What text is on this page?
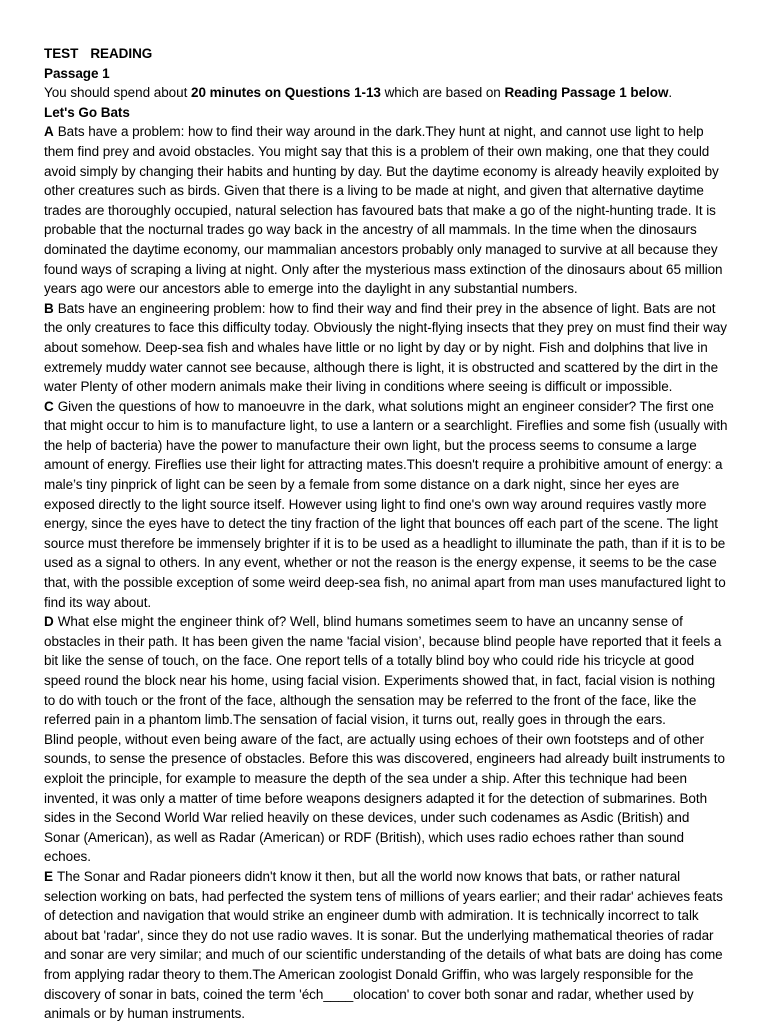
TEST READING

Passage 1

You should spend about 20 minutes on Questions 1-13 which are based on Reading Passage 1 below.

Let's Go Bats

A Bats have a problem: how to find their way around in the dark.They hunt at night, and cannot use light to help them find prey and avoid obstacles. You might say that this is a problem of their own making, one that they could avoid simply by changing their habits and hunting by day. But the daytime economy is already heavily exploited by other creatures such as birds. Given that there is a living to be made at night, and given that alternative daytime trades are thoroughly occupied, natural selection has favoured bats that make a go of the night-hunting trade. It is probable that the nocturnal trades go way back in the ancestry of all mammals. In the time when the dinosaurs dominated the daytime economy, our mammalian ancestors probably only managed to survive at all because they found ways of scraping a living at night. Only after the mysterious mass extinction of the dinosaurs about 65 million years ago were our ancestors able to emerge into the daylight in any substantial numbers.

B Bats have an engineering problem: how to find their way and find their prey in the absence of light. Bats are not the only creatures to face this difficulty today. Obviously the night-flying insects that they prey on must find their way about somehow. Deep-sea fish and whales have little or no light by day or by night. Fish and dolphins that live in extremely muddy water cannot see because, although there is light, it is obstructed and scattered by the dirt in the water Plenty of other modern animals make their living in conditions where seeing is difficult or impossible.

C Given the questions of how to manoeuvre in the dark, what solutions might an engineer consider? The first one that might occur to him is to manufacture light, to use a lantern or a searchlight. Fireflies and some fish (usually with the help of bacteria) have the power to manufacture their own light, but the process seems to consume a large amount of energy. Fireflies use their light for attracting mates.This doesn't require a prohibitive amount of energy: a male’s tiny pinprick of light can be seen by a female from some distance on a dark night, since her eyes are exposed directly to the light source itself. However using light to find one's own way around requires vastly more energy, since the eyes have to detect the tiny fraction of the light that bounces off each part of the scene. The light source must therefore be immensely brighter if it is to be used as a headlight to illuminate the path, than if it is to be used as a signal to others. In any event, whether or not the reason is the energy expense, it seems to be the case that, with the possible exception of some weird deep-sea fish, no animal apart from man uses manufactured light to find its way about.

D What else might the engineer think of? Well, blind humans sometimes seem to have an uncanny sense of obstacles in their path. It has been given the name 'facial vision’, because blind people have reported that it feels a bit like the sense of touch, on the face. One report tells of a totally blind boy who could ride his tricycle at good speed round the block near his home, using facial vision. Experiments showed that, in fact, facial vision is nothing to do with touch or the front of the face, although the sensation may be referred to the front of the face, like the referred pain in a phantom limb.The sensation of facial vision, it turns out, really goes in through the ears.

Blind people, without even being aware of the fact, are actually using echoes of their own footsteps and of other sounds, to sense the presence of obstacles. Before this was discovered, engineers had already built instruments to exploit the principle, for example to measure the depth of the sea under a ship. After this technique had been invented, it was only a matter of time before weapons designers adapted it for the detection of submarines. Both sides in the Second World War relied heavily on these devices, under such codenames as Asdic (British) and Sonar (American), as well as Radar (American) or RDF (British), which uses radio echoes rather than sound echoes.

E The Sonar and Radar pioneers didn't know it then, but all the world now knows that bats, or rather natural selection working on bats, had perfected the system tens of millions of years earlier; and their radar' achieves feats of detection and navigation that would strike an engineer dumb with admiration. It is technically incorrect to talk about bat 'radar', since they do not use radio waves. It is sonar. But the underlying mathematical theories of radar and sonar are very similar; and much of our scientific understanding of the details of what bats are doing has come from applying radar theory to them.The American zoologist Donald Griffin, who was largely responsible for the discovery of sonar in bats, coined the term 'éch____olocation' to cover both sonar and radar, whether used by animals or by human instruments.
